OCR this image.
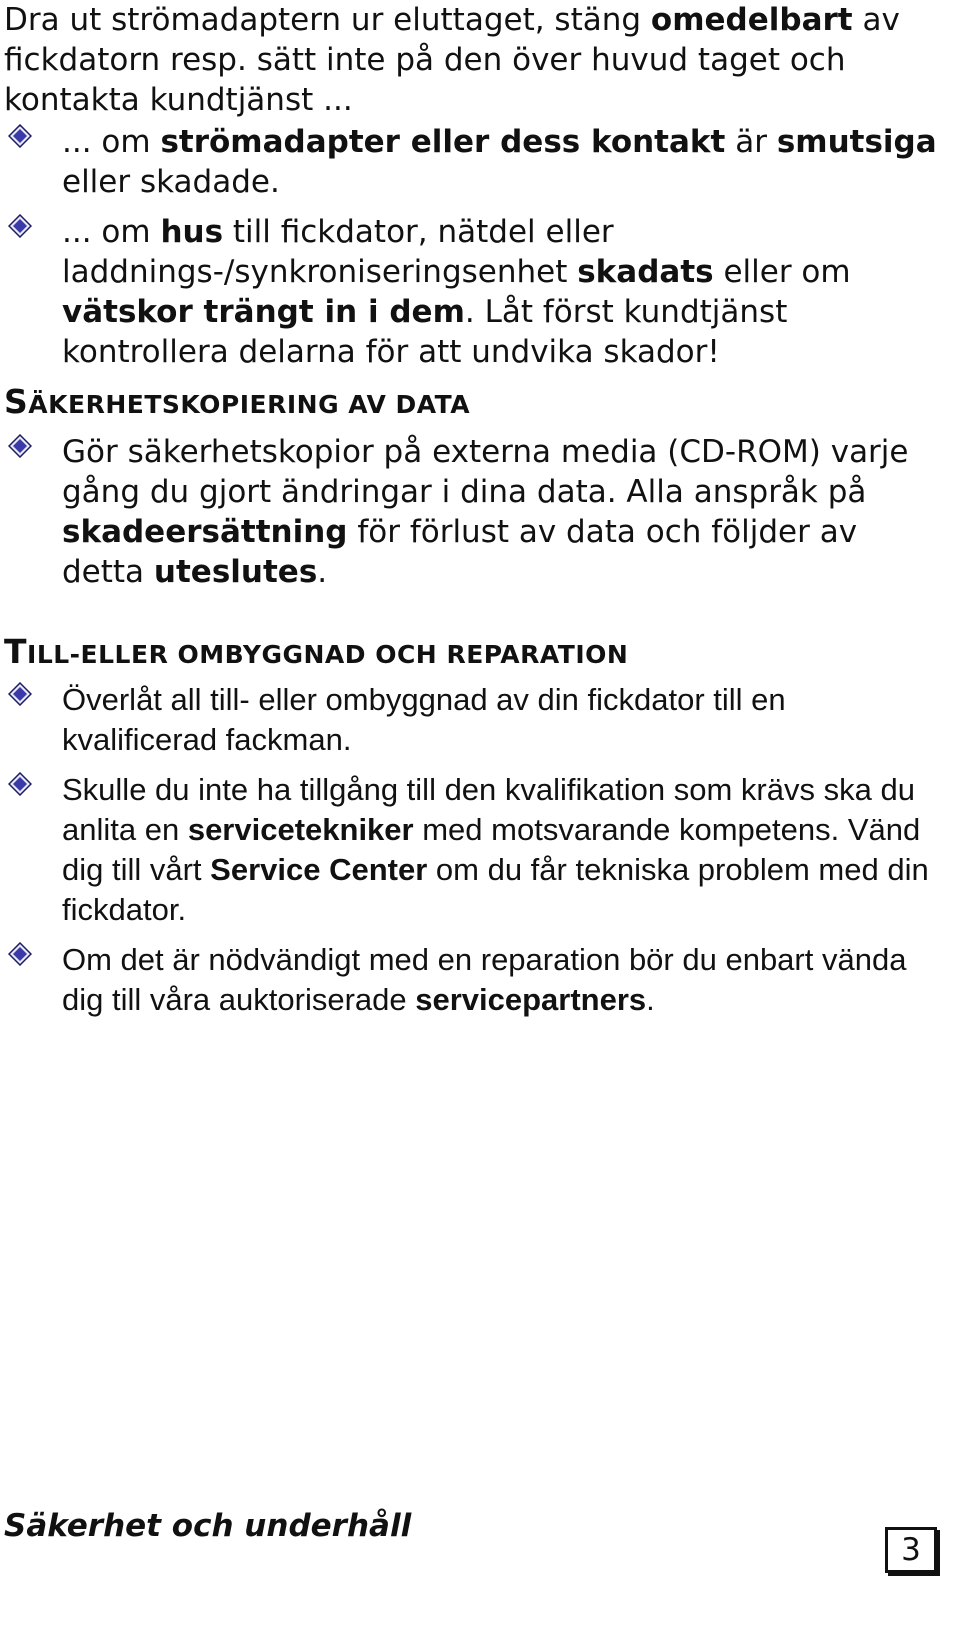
Dra ut strömadaptern ur eluttaget, stäng omedelbart av fickdatorn resp. sätt inte på den över huvud taget och kontakta kundtjänst ...

... om strömadapter eller dess kontakt är smutsiga eller skadade.
... om hus till fickdator, nätdel eller laddnings-/synkroniseringsenhet skadats eller om vätskor trängt in i dem. Låt först kundtjänst kontrollera delarna för att undvika skador!
SÄKERHETSKOPIERING AV DATA
Gör säkerhetskopior på externa media (CD-ROM) varje gång du gjort ändringar i dina data. Alla anspråk på skadeersättning för förlust av data och följder av detta uteslutes.
TILL-ELLER OMBYGGNAD OCH REPARATION
Överlåt all till- eller ombyggnad av din fickdator till en kvalificerad fackman.
Skulle du inte ha tillgång till den kvalifikation som krävs ska du anlita en servicetekniker med motsvarande kompetens. Vänd dig till vårt Service Center om du får tekniska problem med din fickdator.
Om det är nödvändigt med en reparation bör du enbart vända dig till våra auktoriserade servicepartners.

Säkerhet och underhåll

3
